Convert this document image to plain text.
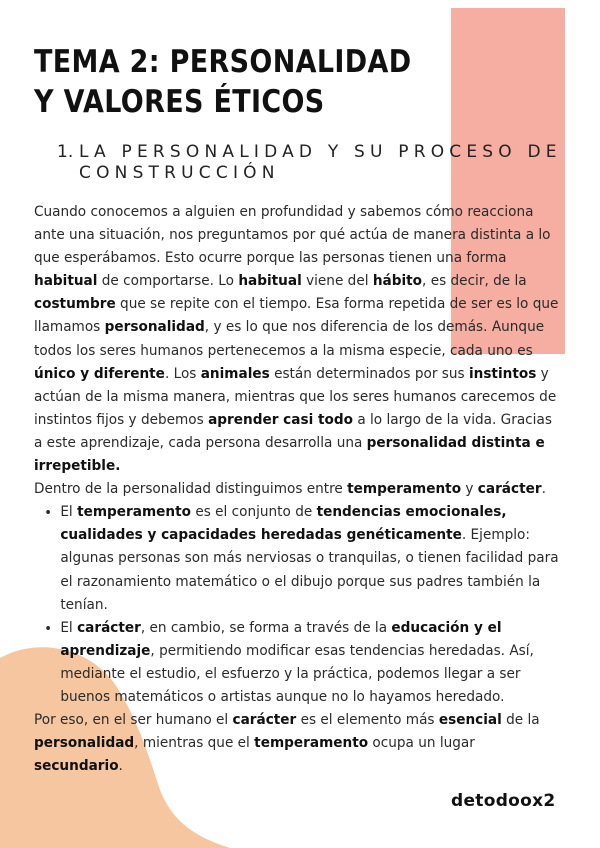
TEMA 2: PERSONALIDAD Y VALORES ÉTICOS
1. LA PERSONALIDAD Y SU PROCESO DE CONSTRUCCIÓN

Cuando conocemos a alguien en profundidad y sabemos cómo reacciona ante una situación, nos preguntamos por qué actúa de manera distinta a lo que esperábamos. Esto ocurre porque las personas tienen una forma habitual de comportarse. Lo habitual viene del hábito, es decir, de la costumbre que se repite con el tiempo. Esa forma repetida de ser es lo que llamamos personalidad, y es lo que nos diferencia de los demás. Aunque todos los seres humanos pertenecemos a la misma especie, cada uno es único y diferente. Los animales están determinados por sus instintos y actúan de la misma manera, mientras que los seres humanos carecemos de instintos fijos y debemos aprender casi todo a lo largo de la vida. Gracias a este aprendizaje, cada persona desarrolla una personalidad distinta e irrepetible.

Dentro de la personalidad distinguimos entre temperamento y carácter.

• El temperamento es el conjunto de tendencias emocionales, cualidades y capacidades heredadas genéticamente. Ejemplo: algunas personas son más nerviosas o tranquilas, o tienen facilidad para el razonamiento matemático o el dibujo porque sus padres también la tenían.
• El carácter, en cambio, se forma a través de la educación y el aprendizaje, permitiendo modificar esas tendencias heredadas. Así, mediante el estudio, el esfuerzo y la práctica, podemos llegar a ser buenos matemáticos o artistas aunque no lo hayamos heredado.

Por eso, en el ser humano el carácter es el elemento más esencial de la personalidad, mientras que el temperamento ocupa un lugar secundario.

detodoox2
